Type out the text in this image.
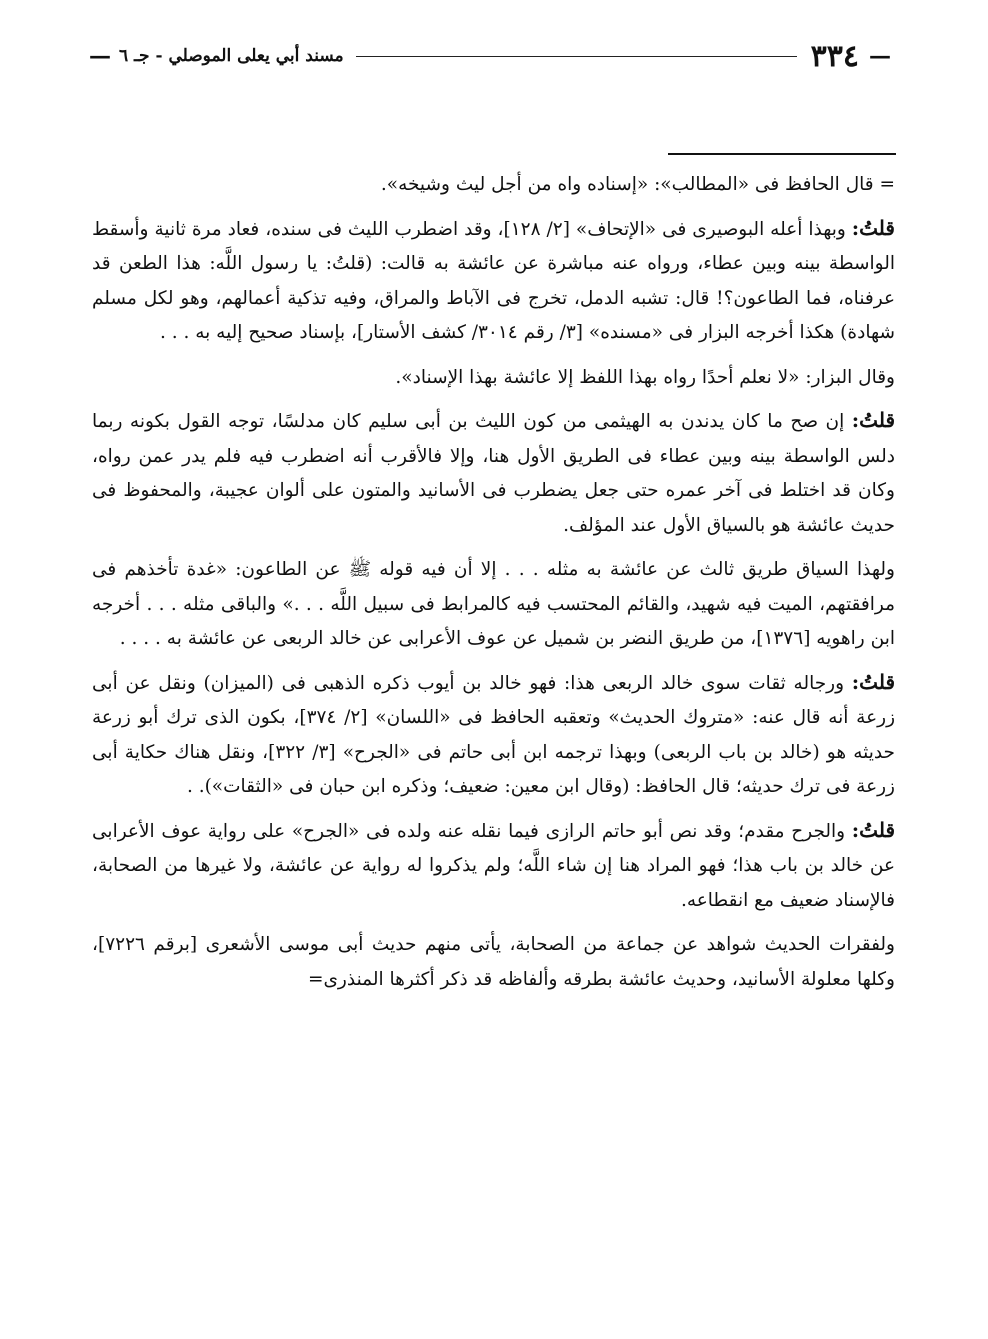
—
٣٣٤
مسند أبي يعلى الموصلي - جـ ٦
—

= قال الحافظ فى «المطالب»: «إسناده واه من أجل ليث وشيخه».

قلتُ: وبهذا أعله البوصيرى فى «الإتحاف» [٢/ ١٢٨]، وقد اضطرب الليث فى سنده، فعاد مرة ثانية وأسقط الواسطة بينه وبين عطاء، ورواه عنه مباشرة عن عائشة به قالت: (قلتُ: يا رسول اللَّه: هذا الطعن قد عرفناه، فما الطاعون؟! قال: تشبه الدمل، تخرج فى الآباط والمراق، وفيه تذكية أعمالهم، وهو لكل مسلم شهادة) هكذا أخرجه البزار فى «مسنده» [٣/ رقم ٣٠١٤/ كشف الأستار]، بإسناد صحيح إليه به . . .

وقال البزار: «لا نعلم أحدًا رواه بهذا اللفظ إلا عائشة بهذا الإسناد».

قلتُ: إن صح ما كان يدندن به الهيثمى من كون الليث بن أبى سليم كان مدلسًا، توجه القول بكونه ربما دلس الواسطة بينه وبين عطاء فى الطريق الأول هنا، وإلا فالأقرب أنه اضطرب فيه فلم يدر عمن رواه، وكان قد اختلط فى آخر عمره حتى جعل يضطرب فى الأسانيد والمتون على ألوان عجيبة، والمحفوظ فى حديث عائشة هو بالسياق الأول عند المؤلف.

ولهذا السياق طريق ثالث عن عائشة به مثله . . . إلا أن فيه قوله ﷺ عن الطاعون: «غدة تأخذهم فى مرافقتهم، الميت فيه شهيد، والقائم المحتسب فيه كالمرابط فى سبيل اللَّه . . .» والباقى مثله . . . أخرجه ابن راهويه [١٣٧٦]، من طريق النضر بن شميل عن عوف الأعرابى عن خالد الربعى عن عائشة به . . . .

قلتُ: ورجاله ثقات سوى خالد الربعى هذا: فهو خالد بن أيوب ذكره الذهبى فى (الميزان) ونقل عن أبى زرعة أنه قال عنه: «متروك الحديث» وتعقبه الحافظ فى «اللسان» [٢/ ٣٧٤]، بكون الذى ترك أبو زرعة حديثه هو (خالد بن باب الربعى) وبهذا ترجمه ابن أبى حاتم فى «الجرح» [٣/ ٣٢٢]، ونقل هناك حكاية أبى زرعة فى ترك حديثه؛ قال الحافظ: (وقال ابن معين: ضعيف؛ وذكره ابن حبان فى «الثقات»). .

قلتُ: والجرح مقدم؛ وقد نص أبو حاتم الرازى فيما نقله عنه ولده فى «الجرح» على رواية عوف الأعرابى عن خالد بن باب هذا؛ فهو المراد هنا إن شاء اللَّه؛ ولم يذكروا له رواية عن عائشة، ولا غيرها من الصحابة، فالإسناد ضعيف مع انقطاعه.

ولفقرات الحديث شواهد عن جماعة من الصحابة، يأتى منهم حديث أبى موسى الأشعرى [برقم ٧٢٢٦]، وكلها معلولة الأسانيد، وحديث عائشة بطرقه وألفاظه قد ذكر أكثرها المنذرى=
